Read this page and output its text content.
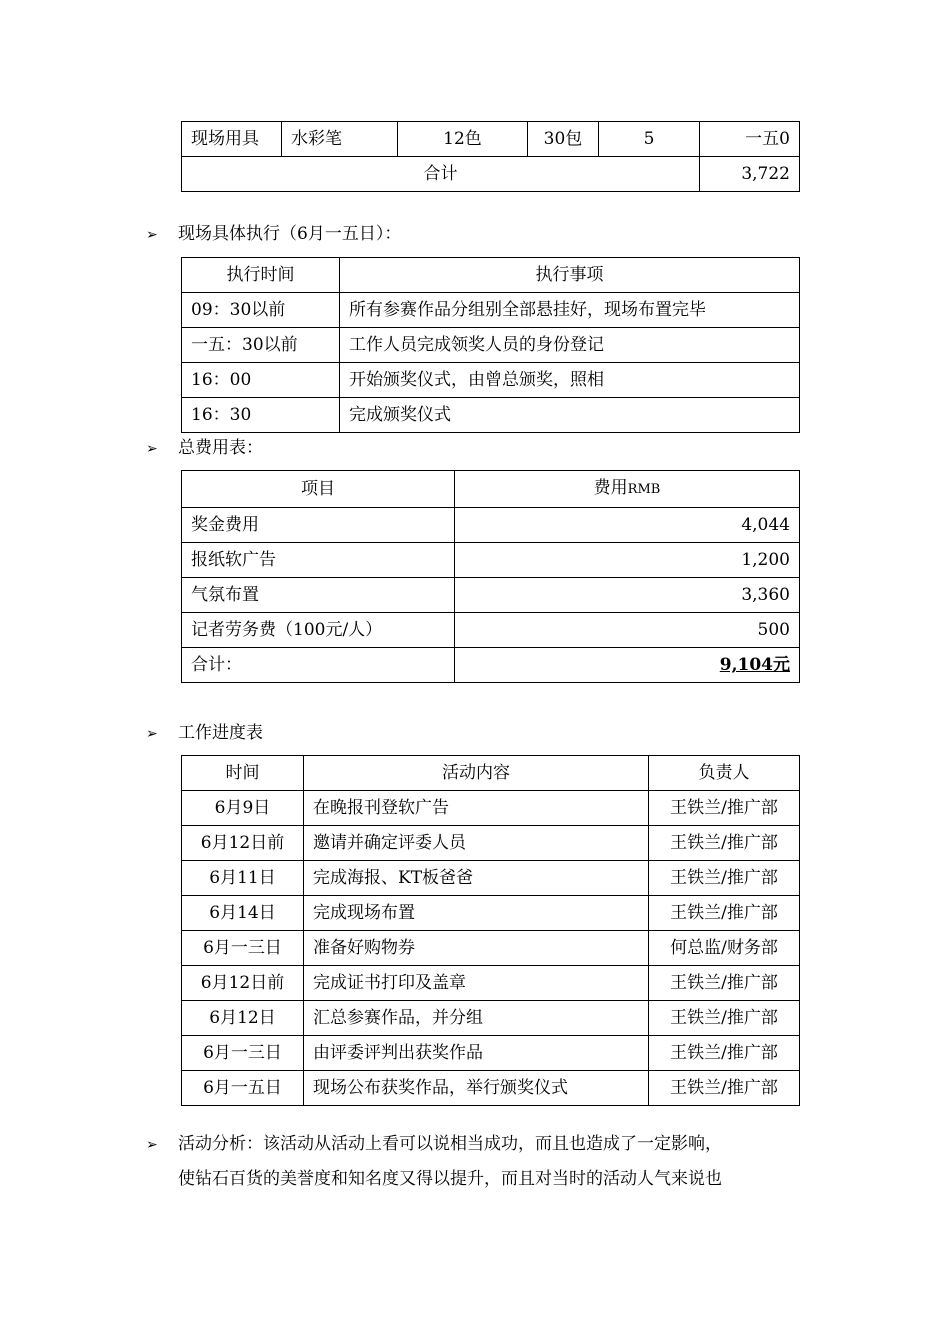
现场用具	水彩笔	12色	30包	5	一五0
合计					3,722
➢ 现场具体执行（6月一五日）：
执行时间	执行事项
09：30以前	所有参赛作品分组别全部悬挂好，现场布置完毕
一五：30以前	工作人员完成领奖人员的身份登记
16：00	开始颁奖仪式，由曾总颁奖，照相
16：30	完成颁奖仪式
➢ 总费用表：
项目	费用RMB
奖金费用	4,044
报纸软广告	1,200
气氛布置	3,360
记者劳务费（100元/人）	500
合计：	9,104元
➢ 工作进度表
时间	活动内容	负责人
6月9日	在晚报刊登软广告	王铁兰/推广部
6月12日前	邀请并确定评委人员	王铁兰/推广部
6月11日	完成海报、KT板爸爸	王铁兰/推广部
6月14日	完成现场布置	王铁兰/推广部
6月一三日	准备好购物券	何总监/财务部
6月12日前	完成证书打印及盖章	王铁兰/推广部
6月12日	汇总参赛作品，并分组	王铁兰/推广部
6月一三日	由评委评判出获奖作品	王铁兰/推广部
6月一五日	现场公布获奖作品，举行颁奖仪式	王铁兰/推广部
➢ 活动分析：该活动从活动上看可以说相当成功，而且也造成了一定影响，
使钻石百货的美誉度和知名度又得以提升，而且对当时的活动人气来说也
